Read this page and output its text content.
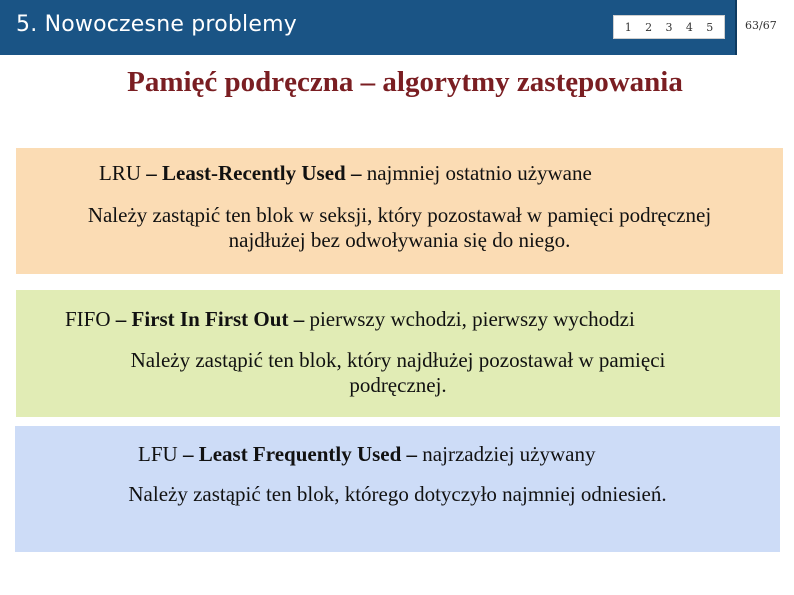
5. Nowoczesne problemy	1 2 3 4 5	63/67
Pamięć podręczna – algorytmy zastępowania
LRU – Least-Recently Used – najmniej ostatnio używane
Należy zastąpić ten blok w seksji, który pozostawał w pamięci podręcznej
najdłużej bez odwoływania się do niego.
FIFO – First In First Out – pierwszy wchodzi, pierwszy wychodzi
Należy zastąpić ten blok, który najdłużej pozostawał w pamięci
podręcznej.
LFU – Least Frequently Used – najrzadziej używany
Należy zastąpić ten blok, którego dotyczyło najmniej odniesień.
